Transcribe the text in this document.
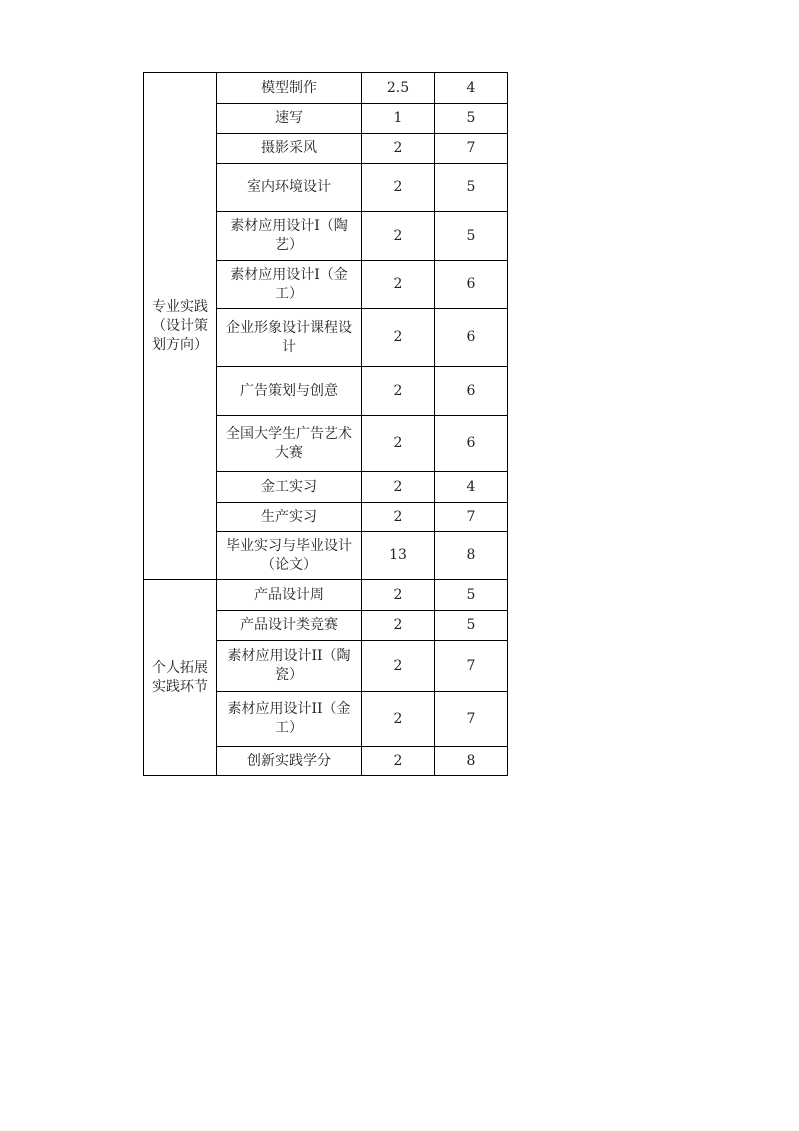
专业实践（设计策划方向）	模型制作	2.5	4
	速写	1	5
	摄影采风	2	7
	室内环境设计	2	5
	素材应用设计I（陶艺）	2	5
	素材应用设计I（金工）	2	6
	企业形象设计课程设计	2	6
	广告策划与创意	2	6
	全国大学生广告艺术大赛	2	6
	金工实习	2	4
	生产实习	2	7
	毕业实习与毕业设计（论文）	13	8
个人拓展实践环节	产品设计周	2	5
	产品设计类竞赛	2	5
	素材应用设计II（陶瓷）	2	7
	素材应用设计II（金工）	2	7
	创新实践学分	2	8
